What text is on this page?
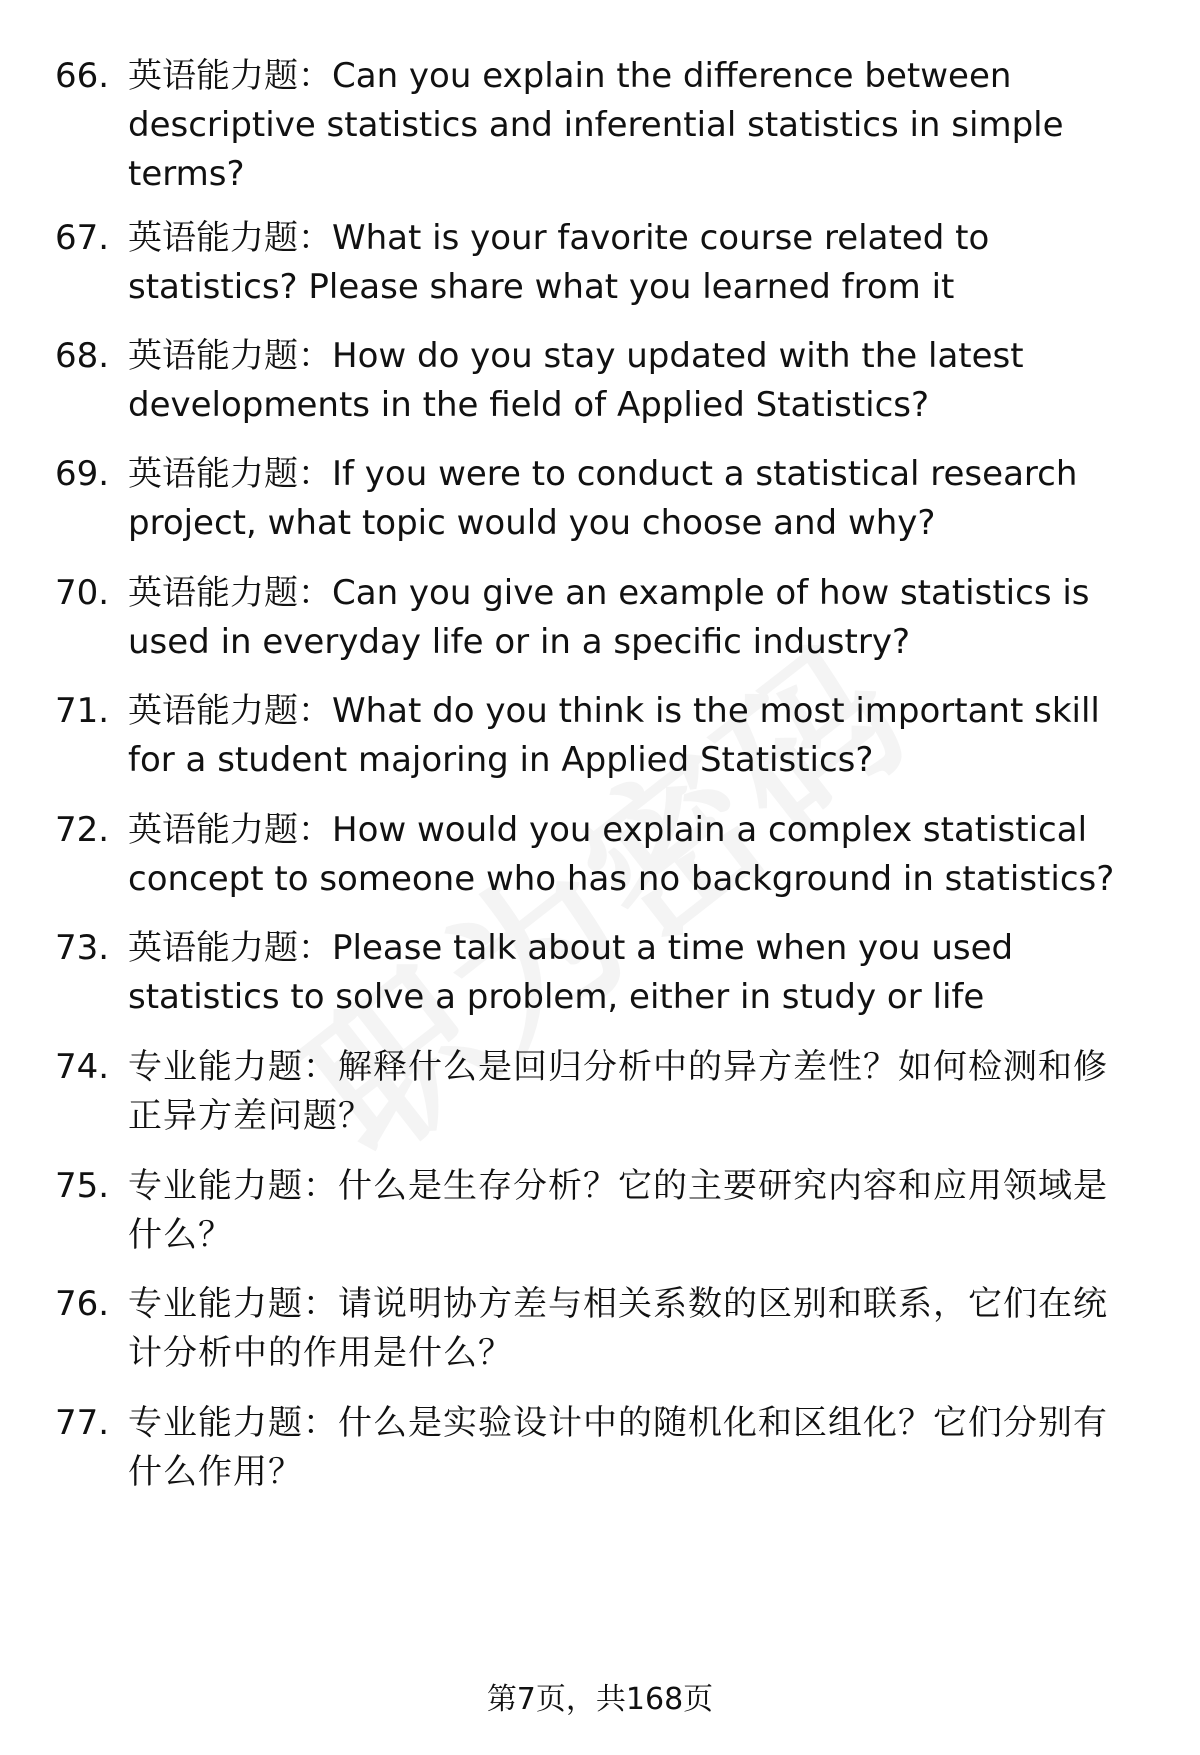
66. 英语能力题：Can you explain the difference between descriptive statistics and inferential statistics in simple terms?
67. 英语能力题：What is your favorite course related to statistics? Please share what you learned from it
68. 英语能力题：How do you stay updated with the latest developments in the field of Applied Statistics?
69. 英语能力题：If you were to conduct a statistical research project, what topic would you choose and why?
70. 英语能力题：Can you give an example of how statistics is used in everyday life or in a specific industry?
71. 英语能力题：What do you think is the most important skill for a student majoring in Applied Statistics?
72. 英语能力题：How would you explain a complex statistical concept to someone who has no background in statistics?
73. 英语能力题：Please talk about a time when you used statistics to solve a problem, either in study or life
74. 专业能力题：解释什么是回归分析中的异方差性？如何检测和修正异方差问题？
75. 专业能力题：什么是生存分析？它的主要研究内容和应用领域是什么？
76. 专业能力题：请说明协方差与相关系数的区别和联系，它们在统计分析中的作用是什么？
77. 专业能力题：什么是实验设计中的随机化和区组化？它们分别有什么作用？
第7页，共168页
